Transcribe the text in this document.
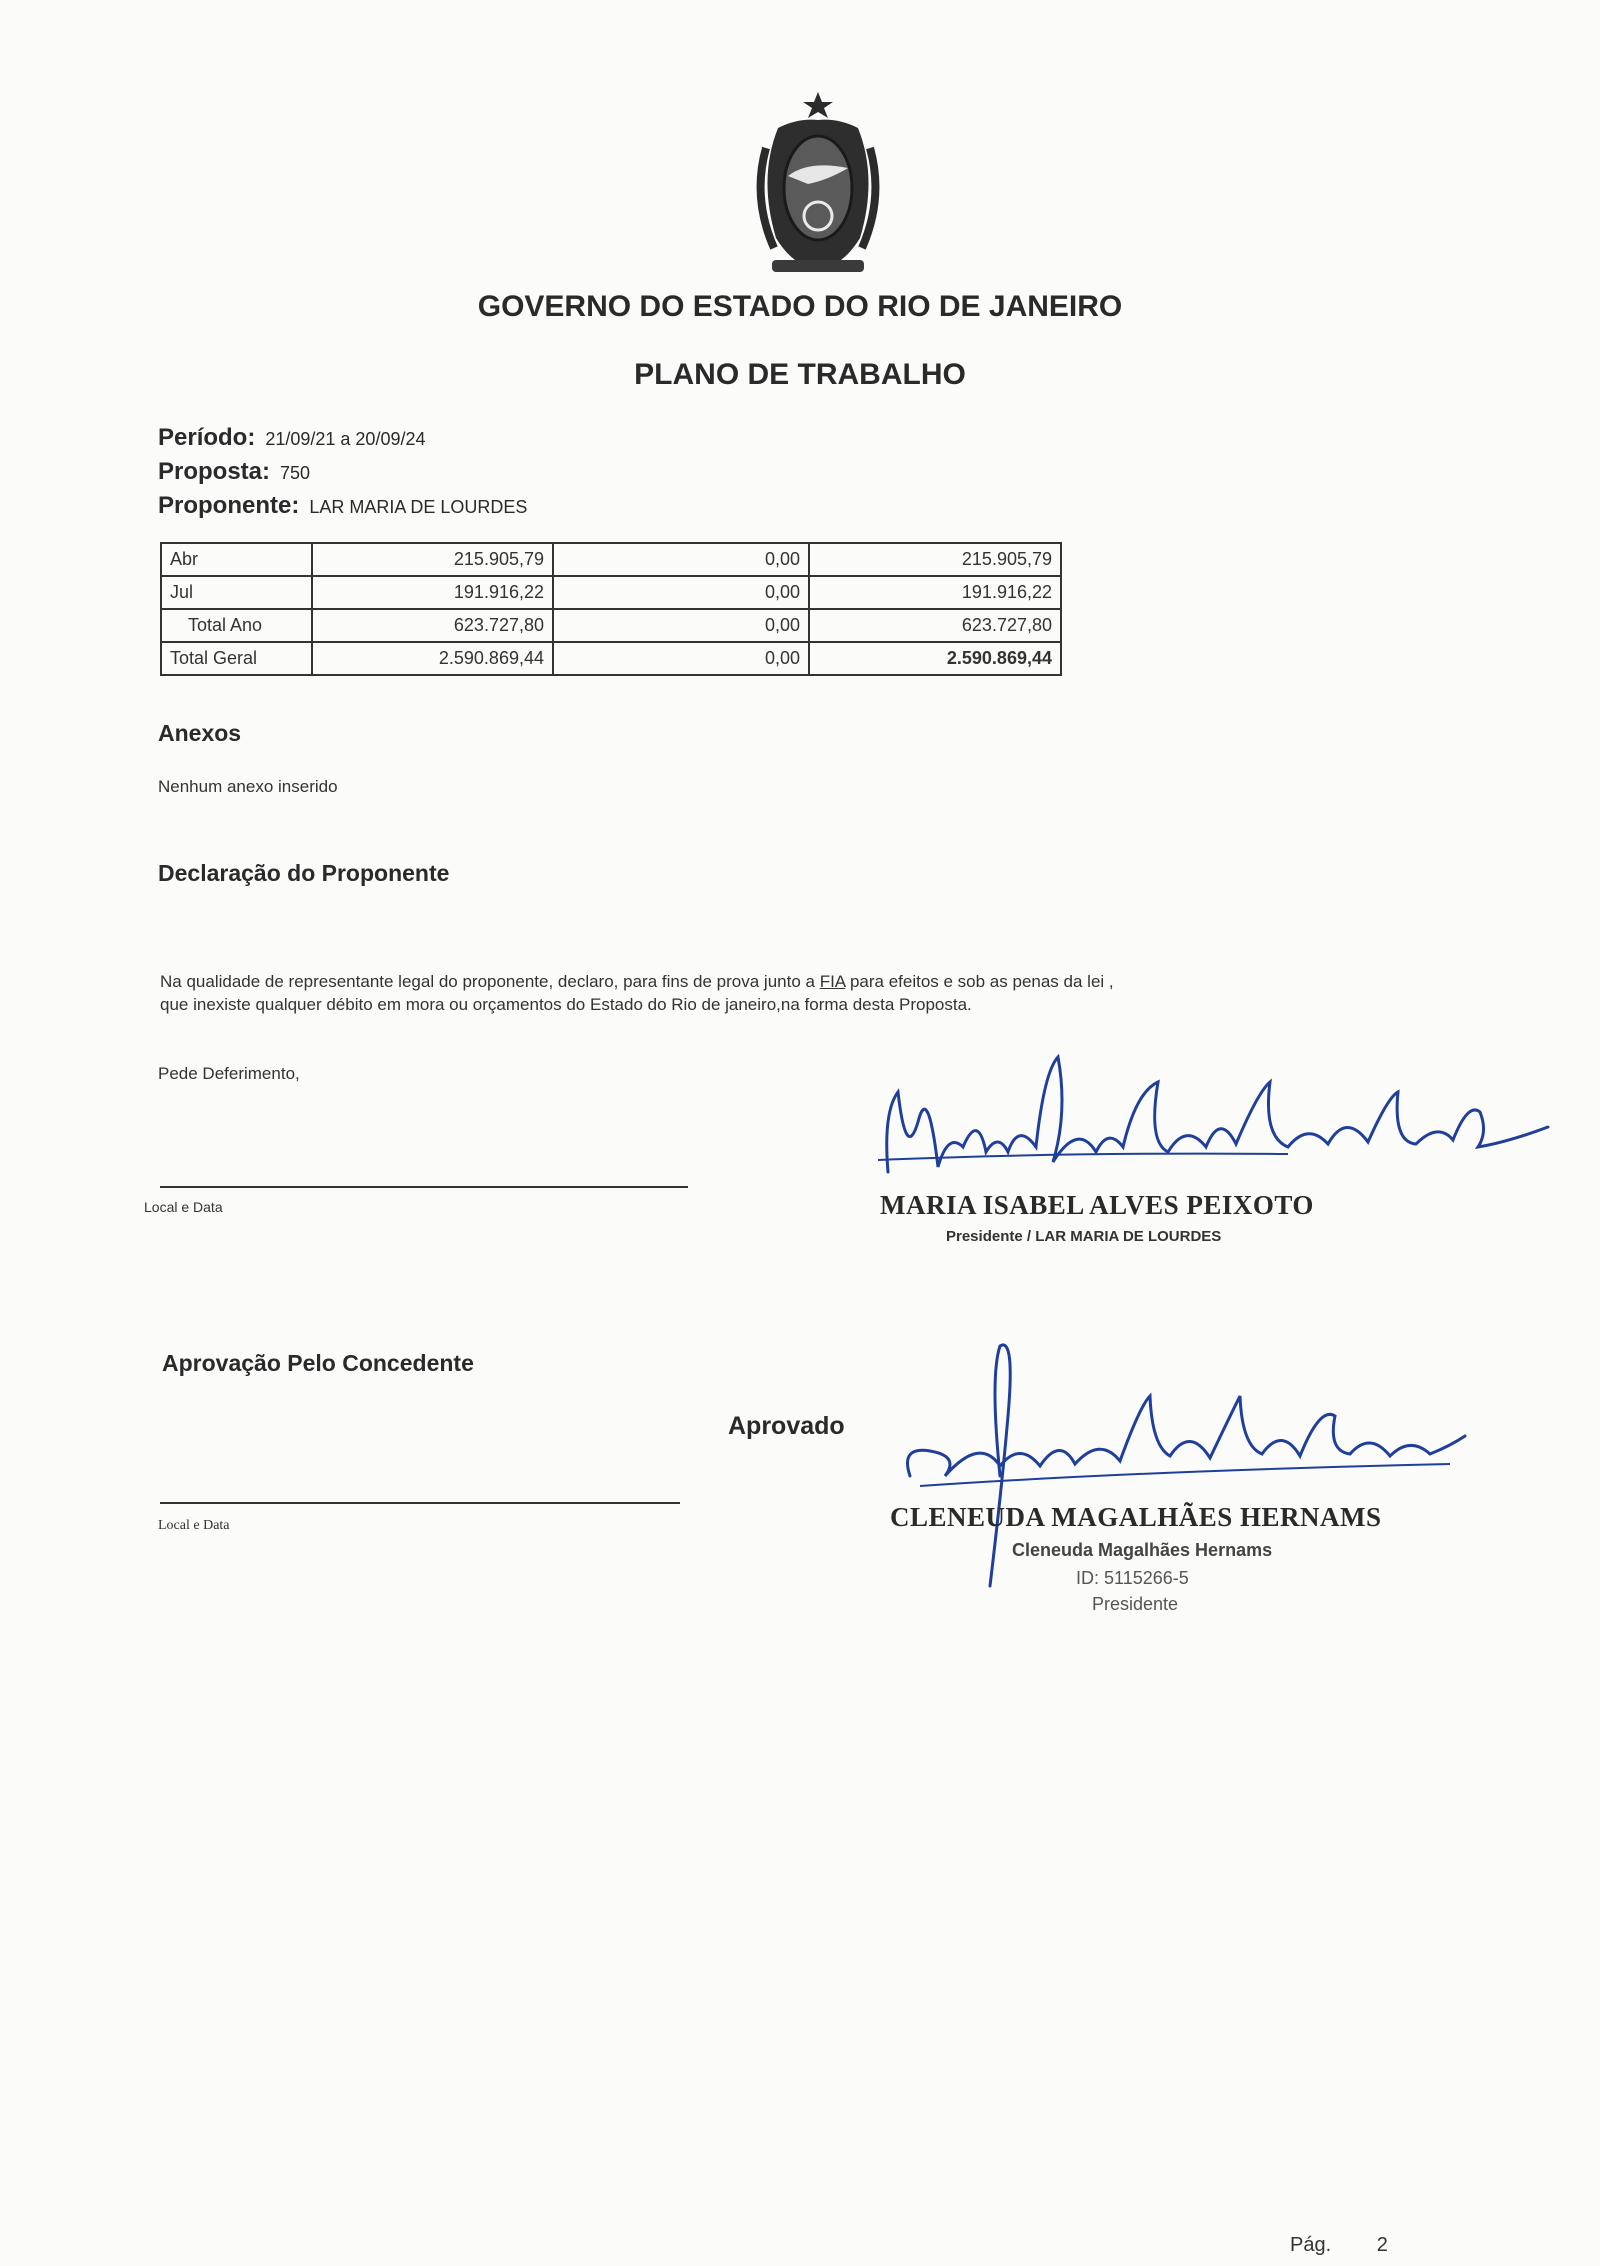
GOVERNO DO ESTADO DO RIO DE JANEIRO
PLANO DE TRABALHO
Período: 21/09/21 a 20/09/24
Proposta: 750
Proponente: LAR MARIA DE LOURDES
Abr	215.905,79	0,00	215.905,79
Jul	191.916,22	0,00	191.916,22
Total Ano	623.727,80	0,00	623.727,80
Total Geral	2.590.869,44	0,00	2.590.869,44
Anexos
Nenhum anexo inserido
Declaração do Proponente
Na qualidade de representante legal do proponente, declaro, para fins de prova junto a FIA para efeitos e sob as penas da lei ,
que inexiste qualquer débito em mora ou orçamentos do Estado do Rio de janeiro,na forma desta Proposta.
Pede Deferimento,
Local e Data	MARIA ISABEL ALVES PEIXOTO
Presidente / LAR MARIA DE LOURDES
Aprovação Pelo Concedente
Aprovado
Local e Data	CLENEUDA MAGALHÃES HERNAMS
Cleneuda Magalhães Hernams
ID: 5115266-5
Presidente
Pág. 2
